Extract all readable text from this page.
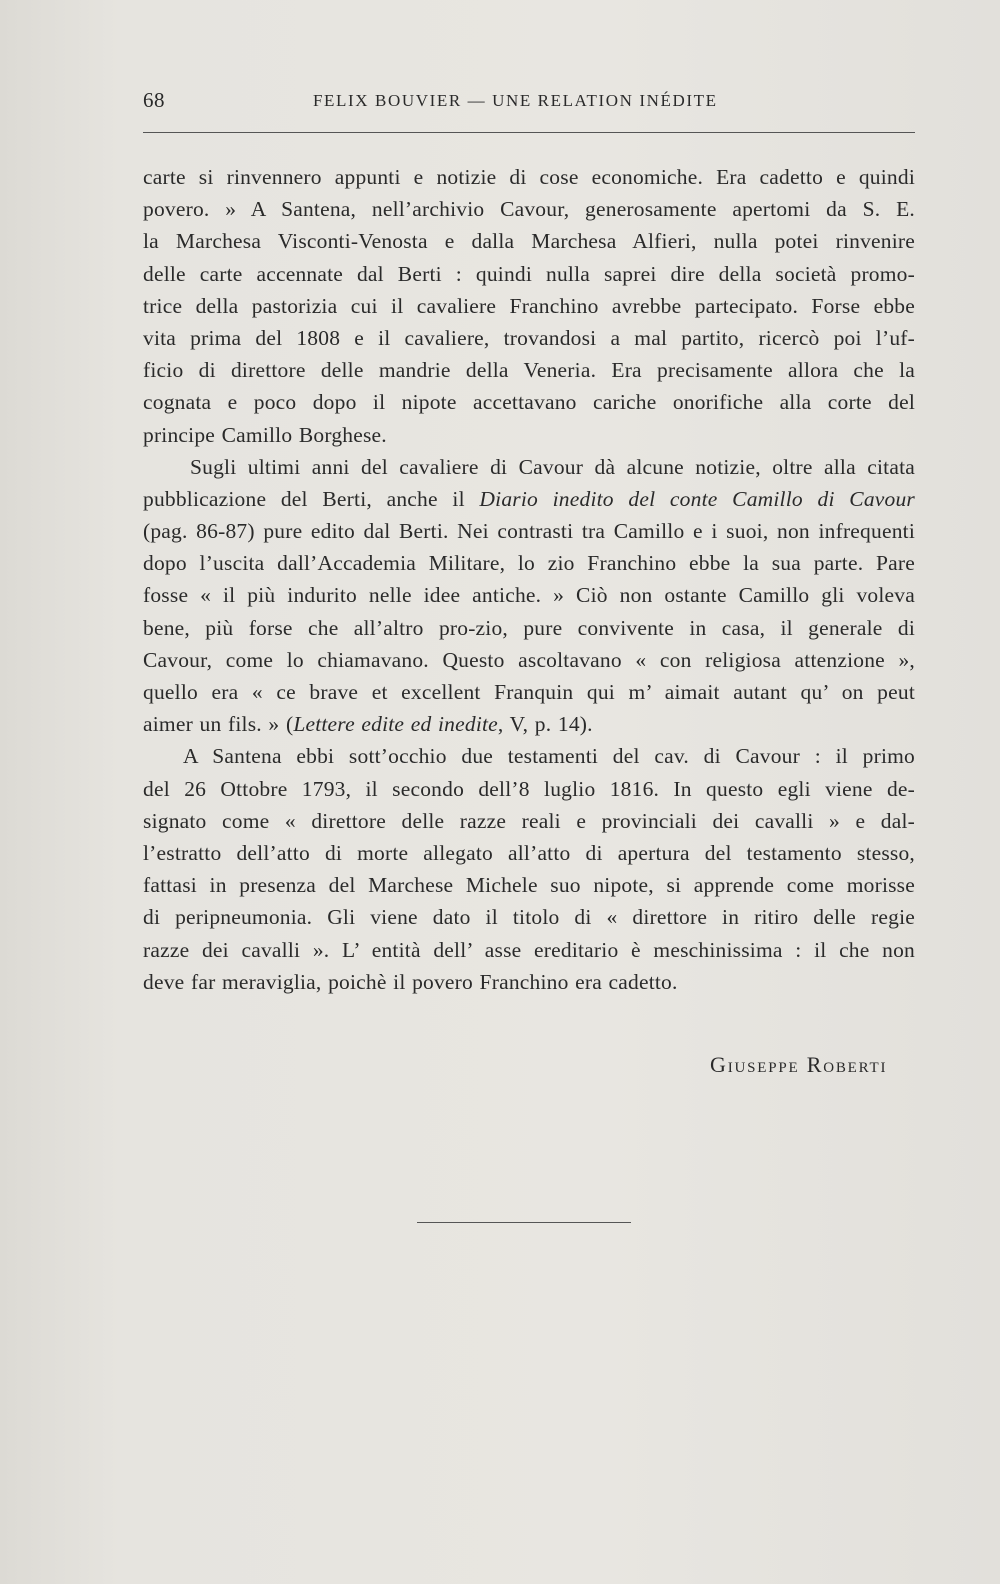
68	FELIX BOUVIER — UNE RELATION INÉDITE
carte si rinvennero appunti e notizie di cose economiche. Era cadetto e quindi
povero. » A Santena, nell’archivio Cavour, generosamente apertomi da S. E.
la Marchesa Visconti-Venosta e dalla Marchesa Alfieri, nulla potei rinvenire
delle carte accennate dal Berti : quindi nulla saprei dire della società promo-
trice della pastorizia cui il cavaliere Franchino avrebbe partecipato. Forse ebbe
vita prima del 1808 e il cavaliere, trovandosi a mal partito, ricercò poi l’uf-
ficio di direttore delle mandrie della Veneria. Era precisamente allora che la
cognata e poco dopo il nipote accettavano cariche onorifiche alla corte del
principe Camillo Borghese.
Sugli ultimi anni del cavaliere di Cavour dà alcune notizie, oltre alla citata
pubblicazione del Berti, anche il Diario inedito del conte Camillo di Cavour
(pag. 86-87) pure edito dal Berti. Nei contrasti tra Camillo e i suoi, non infrequenti
dopo l’uscita dall’Accademia Militare, lo zio Franchino ebbe la sua parte. Pare
fosse « il più indurito nelle idee antiche. » Ciò non ostante Camillo gli voleva
bene, più forse che all’altro pro-zio, pure convivente in casa, il generale di
Cavour, come lo chiamavano. Questo ascoltavano « con religiosa attenzione »,
quello era « ce brave et excellent Franquin qui m’ aimait autant qu’ on peut
aimer un fils. » (Lettere edite ed inedite, V, p. 14).
A Santena ebbi sott’occhio due testamenti del cav. di Cavour : il primo
del 26 Ottobre 1793, il secondo dell’8 luglio 1816. In questo egli viene de-
signato come « direttore delle razze reali e provinciali dei cavalli » e dal-
l’estratto dell’atto di morte allegato all’atto di apertura del testamento stesso,
fattasi in presenza del Marchese Michele suo nipote, si apprende come morisse
di peripneumonia. Gli viene dato il titolo di « direttore in ritiro delle regie
razze dei cavalli ». L’ entità dell’ asse ereditario è meschinissima : il che non
deve far meraviglia, poichè il povero Franchino era cadetto.
Giuseppe Roberti
